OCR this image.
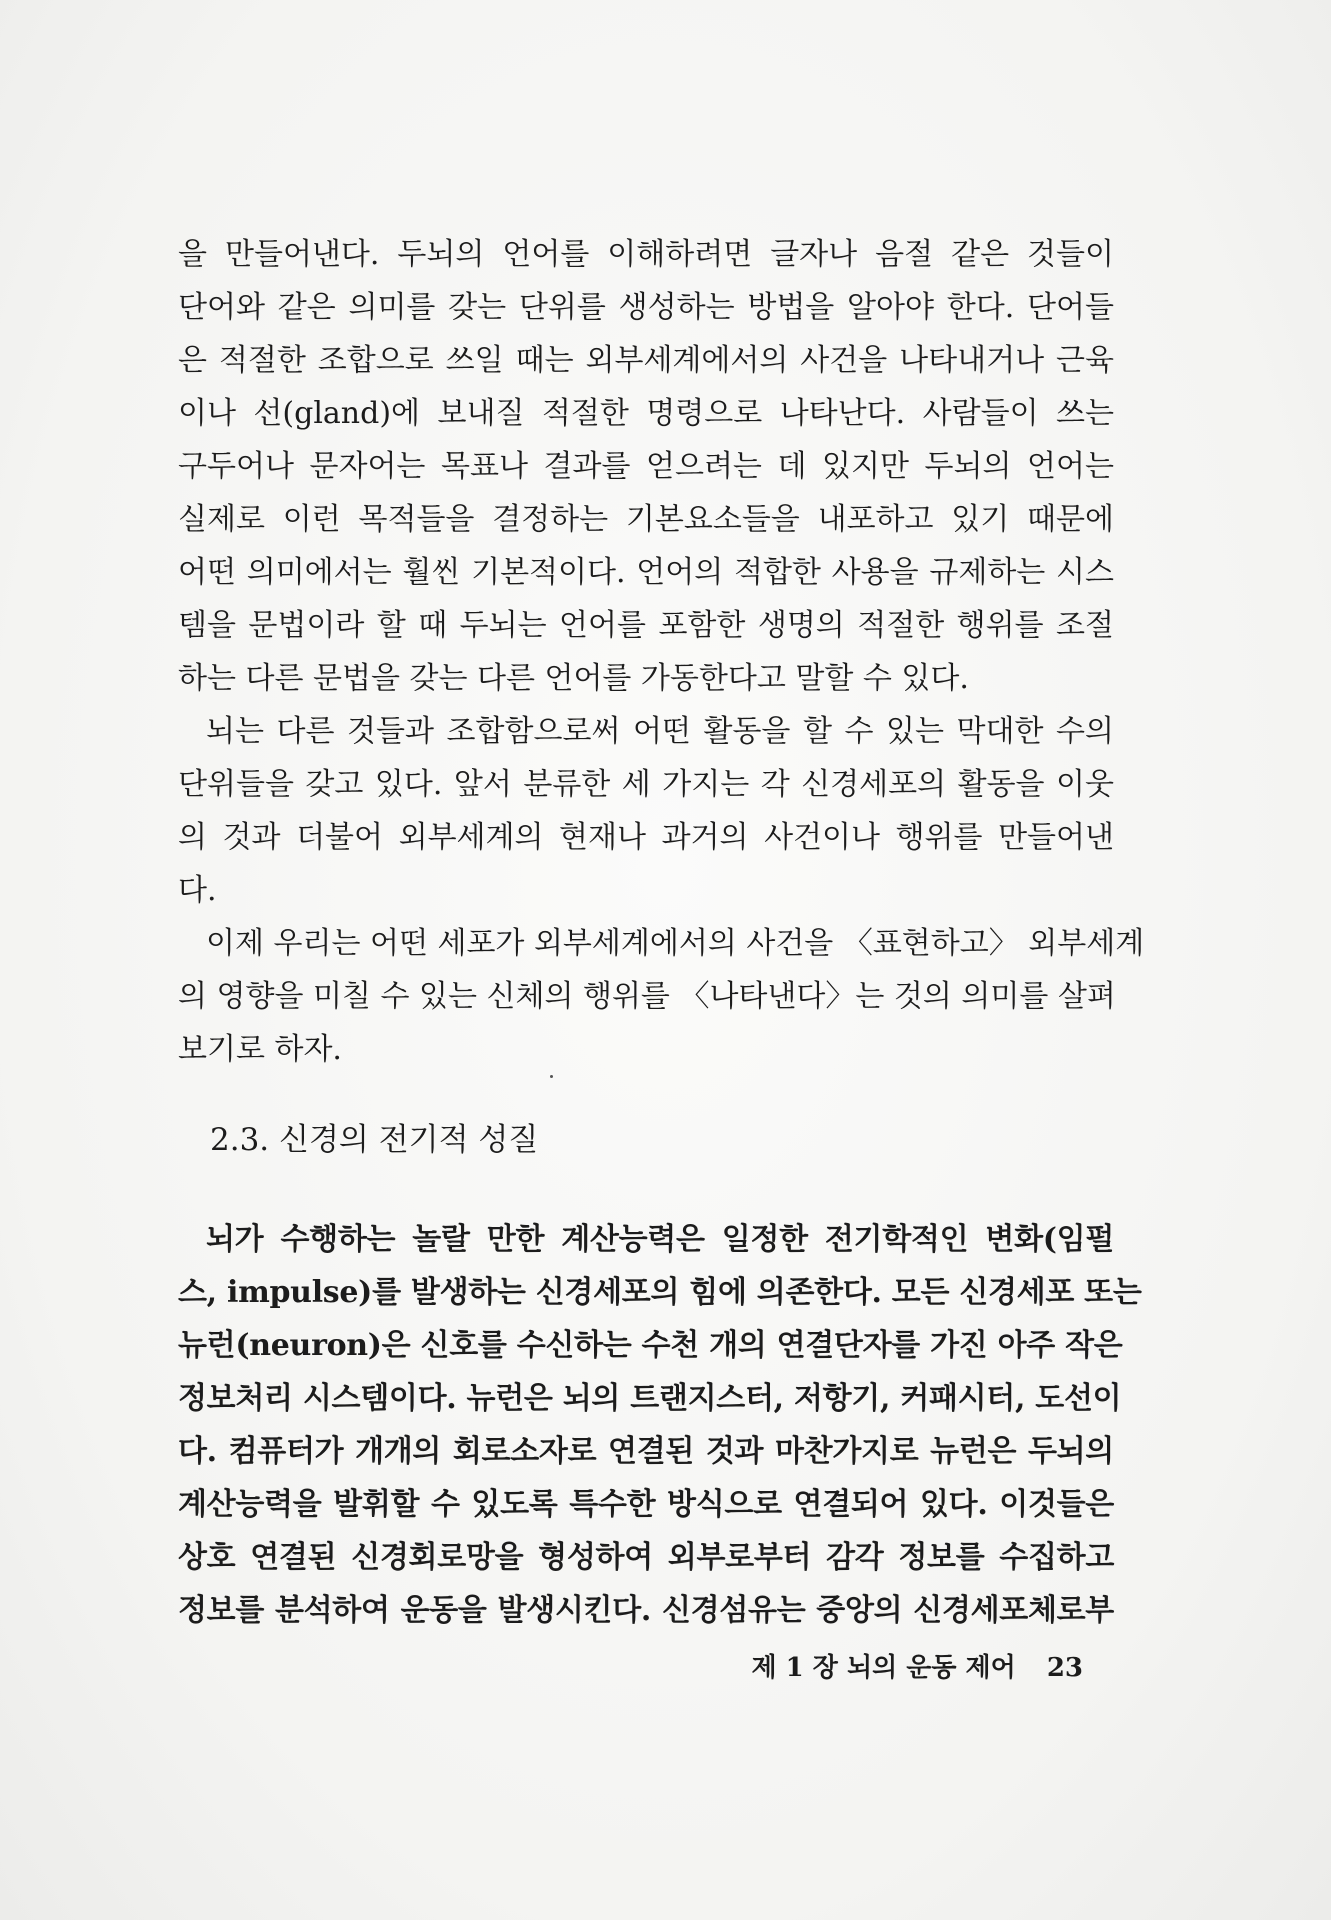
을 만들어낸다. 두뇌의 언어를 이해하려면 글자나 음절 같은 것들이
단어와 같은 의미를 갖는 단위를 생성하는 방법을 알아야 한다. 단어들
은 적절한 조합으로 쓰일 때는 외부세계에서의 사건을 나타내거나 근육
이나 선(gland)에 보내질 적절한 명령으로 나타난다. 사람들이 쓰는
구두어나 문자어는 목표나 결과를 얻으려는 데 있지만 두뇌의 언어는
실제로 이런 목적들을 결정하는 기본요소들을 내포하고 있기 때문에
어떤 의미에서는 훨씬 기본적이다. 언어의 적합한 사용을 규제하는 시스
템을 문법이라 할 때 두뇌는 언어를 포함한 생명의 적절한 행위를 조절
하는 다른 문법을 갖는 다른 언어를 가동한다고 말할 수 있다.
뇌는 다른 것들과 조합함으로써 어떤 활동을 할 수 있는 막대한 수의
단위들을 갖고 있다. 앞서 분류한 세 가지는 각 신경세포의 활동을 이웃
의 것과 더불어 외부세계의 현재나 과거의 사건이나 행위를 만들어낸
다.
이제 우리는 어떤 세포가 외부세계에서의 사건을 〈표현하고〉 외부세계
의 영향을 미칠 수 있는 신체의 행위를 〈나타낸다〉는 것의 의미를 살펴
보기로 하자.
2.3. 신경의 전기적 성질
뇌가 수행하는 놀랄 만한 계산능력은 일정한 전기학적인 변화(임펄
스, impulse)를 발생하는 신경세포의 힘에 의존한다. 모든 신경세포 또는
뉴런(neuron)은 신호를 수신하는 수천 개의 연결단자를 가진 아주 작은
정보처리 시스템이다. 뉴런은 뇌의 트랜지스터, 저항기, 커패시터, 도선이
다. 컴퓨터가 개개의 회로소자로 연결된 것과 마찬가지로 뉴런은 두뇌의
계산능력을 발휘할 수 있도록 특수한 방식으로 연결되어 있다. 이것들은
상호 연결된 신경회로망을 형성하여 외부로부터 감각 정보를 수집하고
정보를 분석하여 운동을 발생시킨다. 신경섬유는 중앙의 신경세포체로부
제 1 장 뇌의 운동 제어 23
